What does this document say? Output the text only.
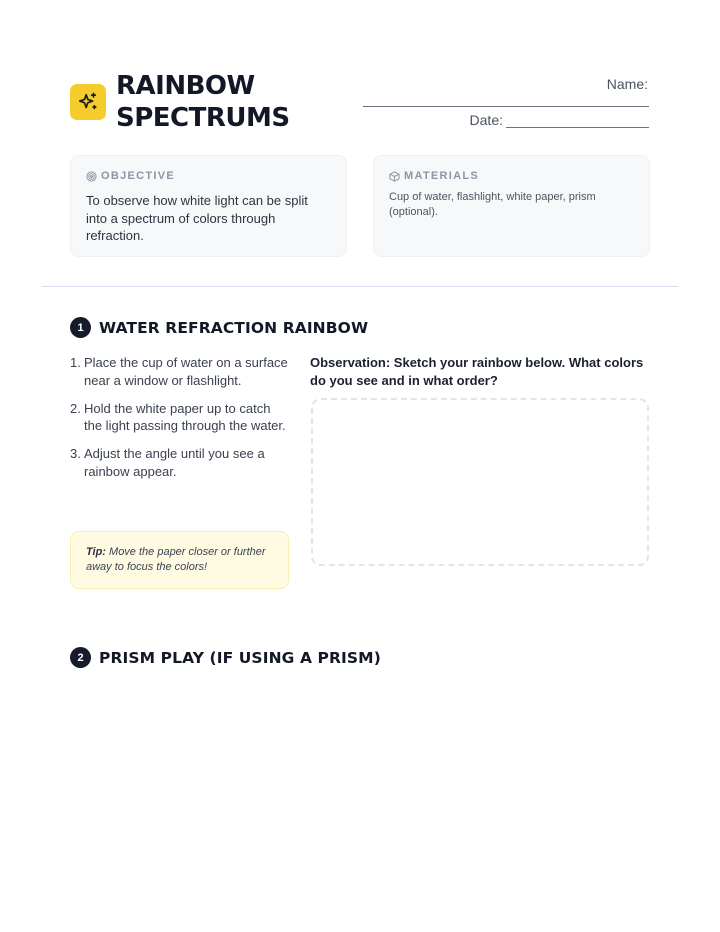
RAINBOW
SPECTRUMS
Name:
Date:
OBJECTIVE
To observe how white light can be split into a spectrum of colors through refraction.
MATERIALS
Cup of water, flashlight, white paper, prism (optional).
1 WATER REFRACTION RAINBOW
1. Place the cup of water on a surface near a window or flashlight.
2. Hold the white paper up to catch the light passing through the water.
3. Adjust the angle until you see a rainbow appear.
Tip: Move the paper closer or further away to focus the colors!
Observation: Sketch your rainbow below. What colors do you see and in what order?
2 PRISM PLAY (IF USING A PRISM)
